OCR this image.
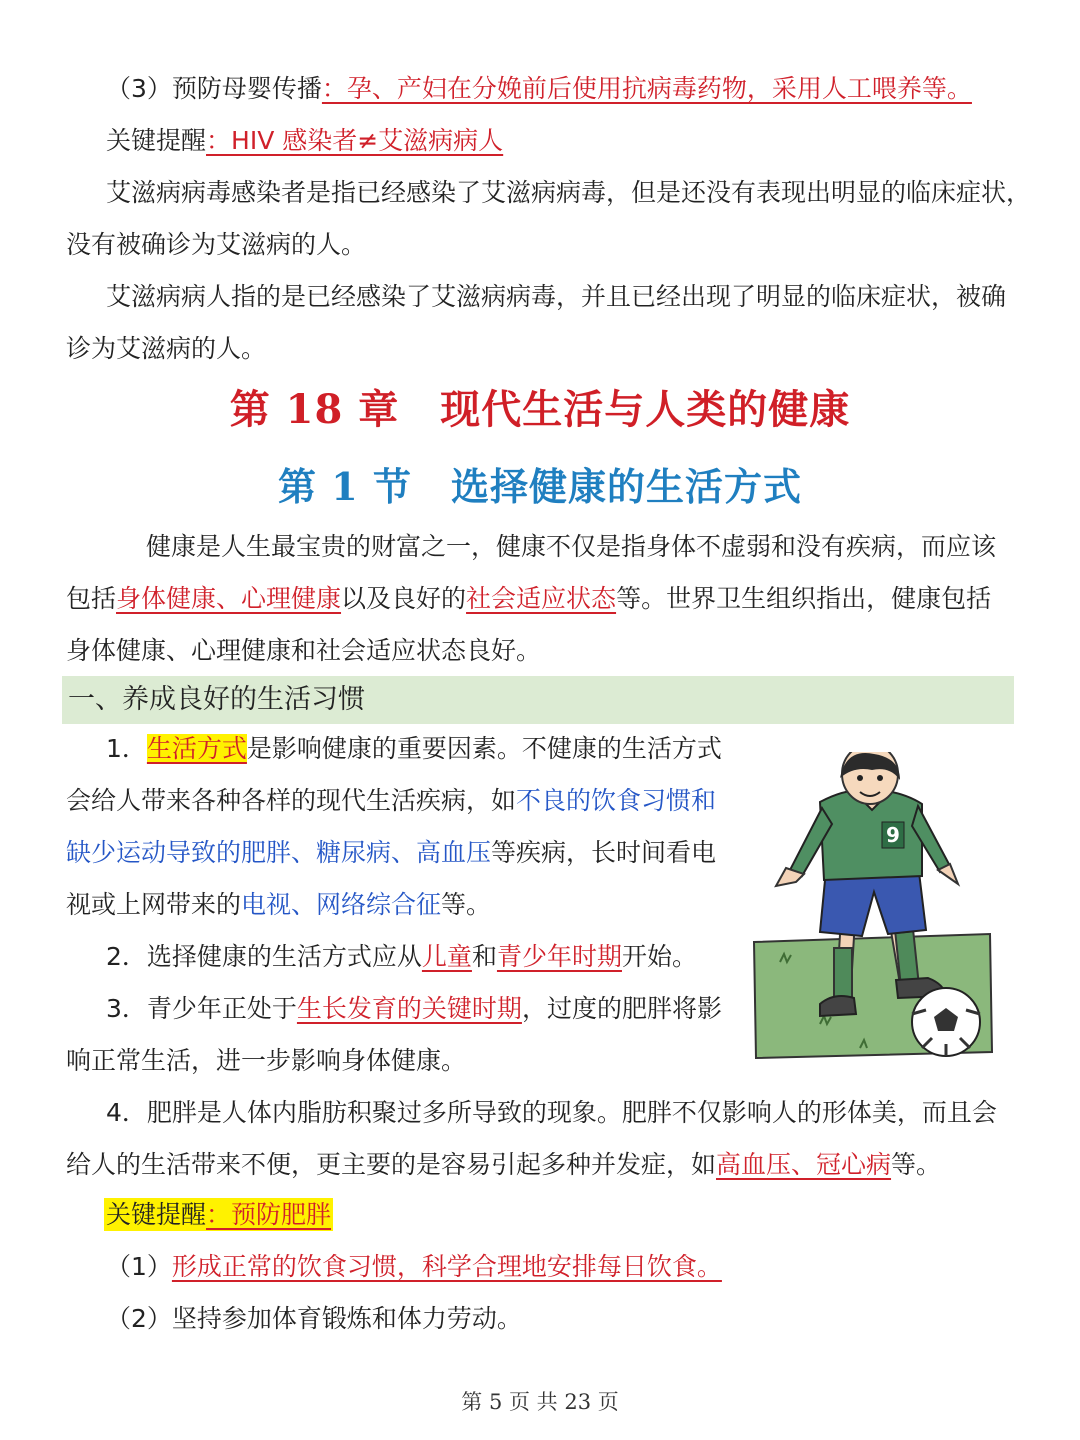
（3）预防母婴传播：孕、产妇在分娩前后使用抗病毒药物，采用人工喂养等。
关键提醒：HIV 感染者≠艾滋病病人
艾滋病病毒感染者是指已经感染了艾滋病病毒，但是还没有表现出明显的临床症状，
没有被确诊为艾滋病的人。
艾滋病病人指的是已经感染了艾滋病病毒，并且已经出现了明显的临床症状，被确
诊为艾滋病的人。
第 18 章　现代生活与人类的健康
第 1 节　选择健康的生活方式
健康是人生最宝贵的财富之一，健康不仅是指身体不虚弱和没有疾病，而应该
包括身体健康、心理健康以及良好的社会适应状态等。世界卫生组织指出，健康包括
身体健康、心理健康和社会适应状态良好。
一、养成良好的生活习惯
1．生活方式是影响健康的重要因素。不健康的生活方式
会给人带来各种各样的现代生活疾病，如不良的饮食习惯和
缺少运动导致的肥胖、糖尿病、高血压等疾病，长时间看电
视或上网带来的电视、网络综合征等。
2．选择健康的生活方式应从儿童和青少年时期开始。
3．青少年正处于生长发育的关键时期，过度的肥胖将影
响正常生活，进一步影响身体健康。
4．肥胖是人体内脂肪积聚过多所导致的现象。肥胖不仅影响人的形体美，而且会
给人的生活带来不便，更主要的是容易引起多种并发症，如高血压、冠心病等。
关键提醒：预防肥胖
（1）形成正常的饮食习惯，科学合理地安排每日饮食。
（2）坚持参加体育锻炼和体力劳动。
9
第 5 页 共 23 页
